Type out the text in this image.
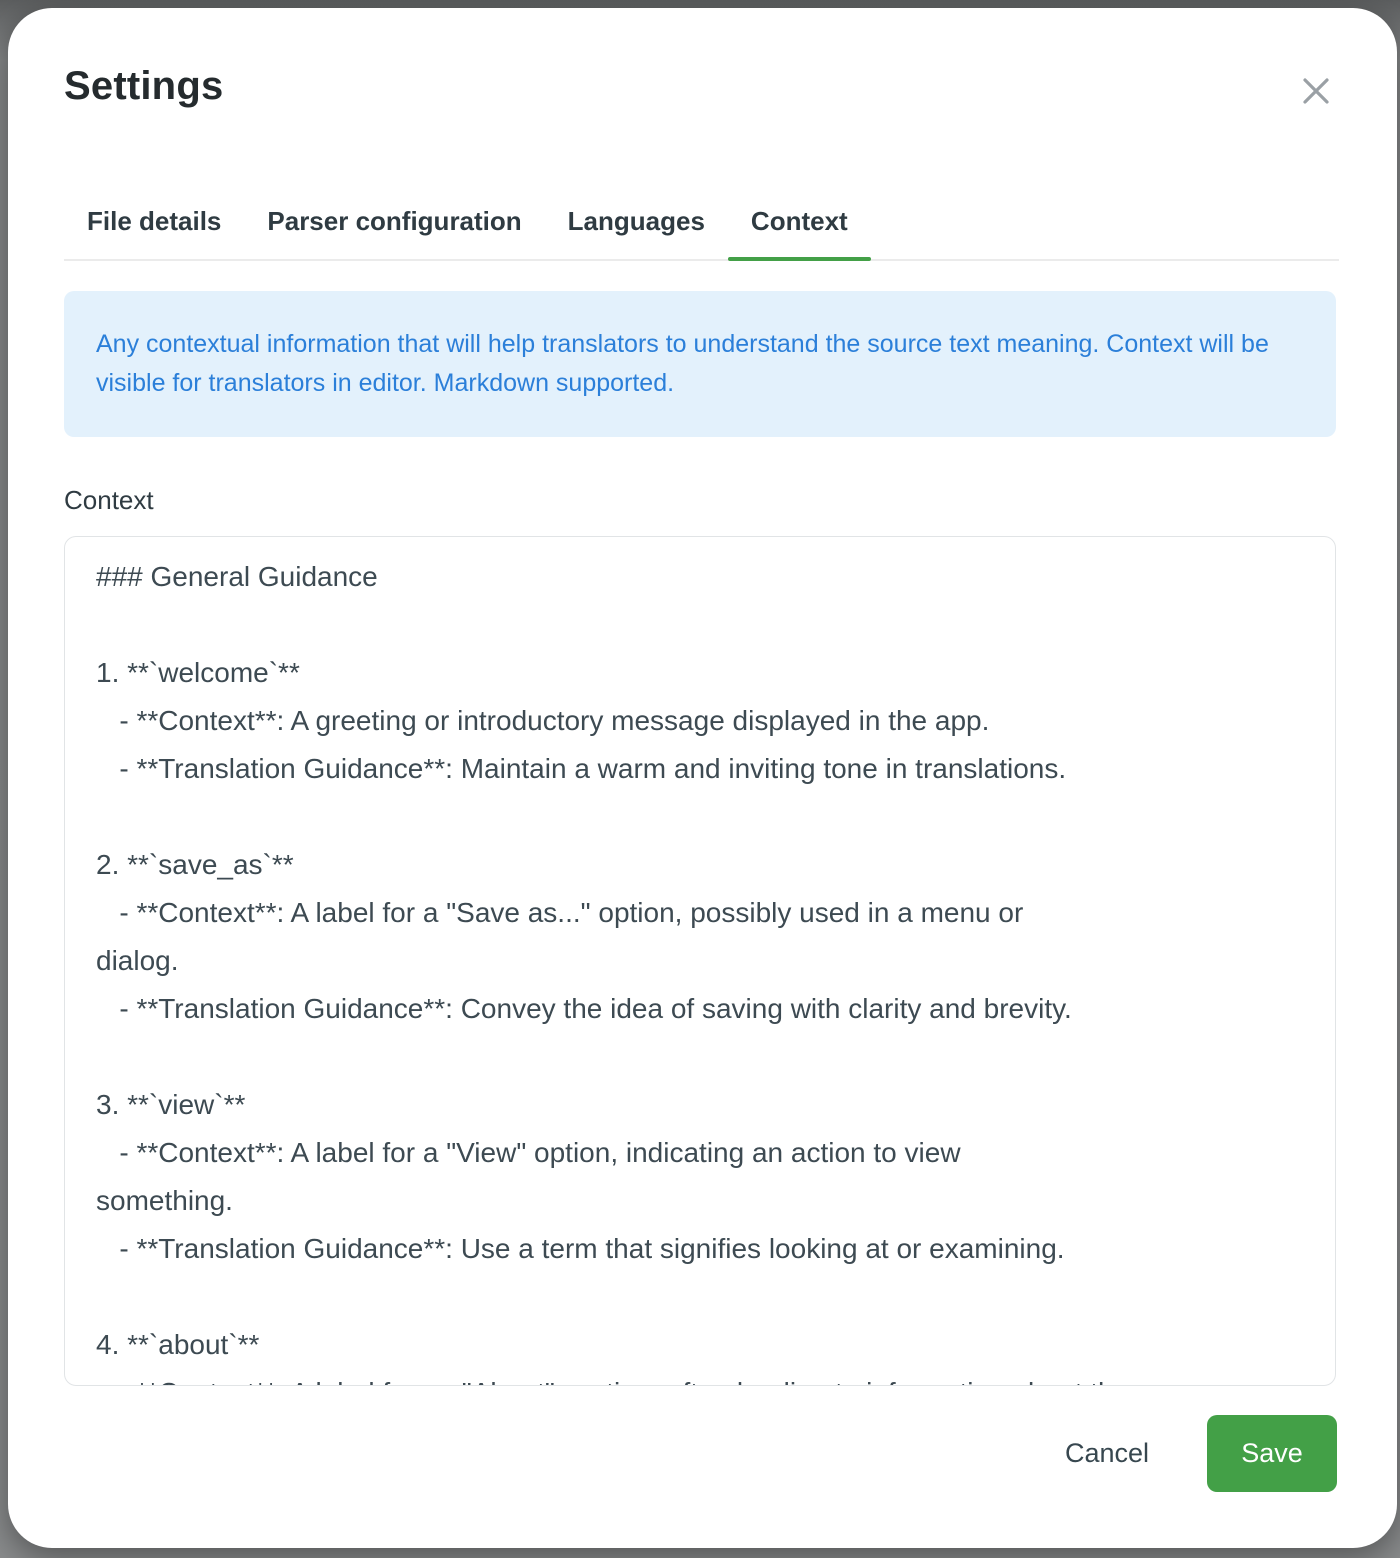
Settings
File details	Parser configuration	Languages	Context
Any contextual information that will help translators to understand the source text meaning. Context will be visible for translators in editor. Markdown supported.
Context
### General Guidance 1. **`welcome`** - **Context**: A greeting or introductory message displayed in the app. - **Translation Guidance**: Maintain a warm and inviting tone in translations. 2. **`save_as`** - **Context**: A label for a "Save as..." option, possibly used in a menu or dialog. - **Translation Guidance**: Convey the idea of saving with clarity and brevity. 3. **`view`** - **Context**: A label for a "View" option, indicating an action to view something. - **Translation Guidance**: Use a term that signifies looking at or examining. 4. **`about`** - **Context**: A label for an "About" section, often leading to information about the app.
Cancel	Save
